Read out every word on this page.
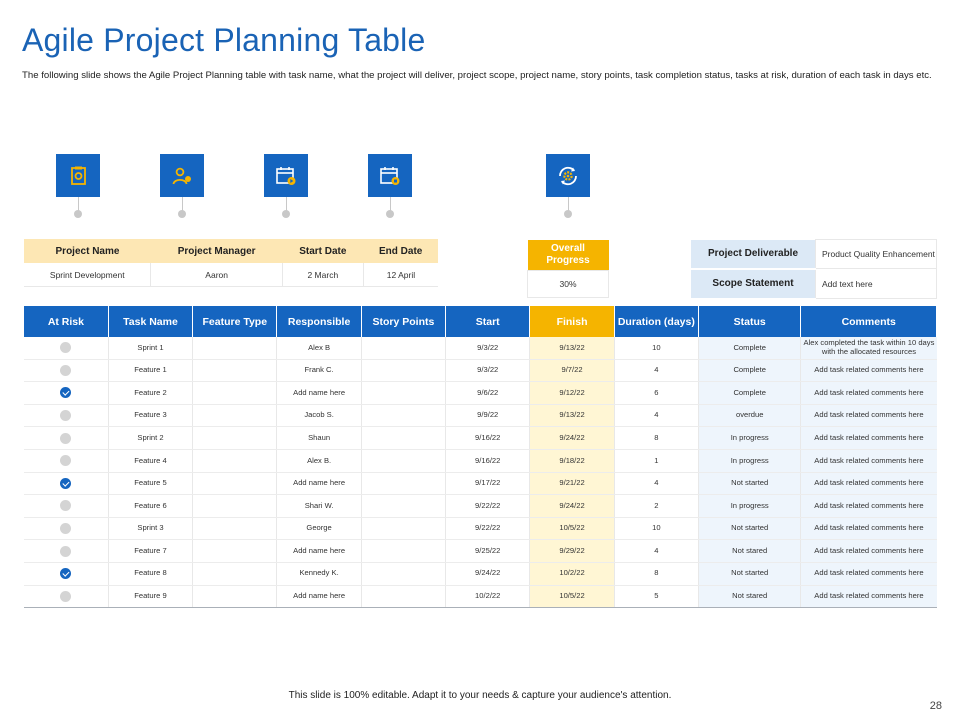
Agile Project Planning Table
The following slide shows the Agile Project Planning table with task name, what the project will deliver, project scope, project name, story points, task completion status, tasks at risk, duration of each task in days etc.
Project Name	Project Manager	Start Date	End Date
Sprint Development	Aaron	2 March	12 April
Overall Progress
30%
Project Deliverable	Product Quality Enhancement
Scope Statement	Add text here
At Risk	Task Name	Feature Type	Responsible	Story Points	Start	Finish	Duration (days)	Status	Comments
	Sprint 1		Alex B		9/3/22	9/13/22	10	Complete	Alex completed the task within 10 days with the allocated resources
	Feature 1		Frank C.		9/3/22	9/7/22	4	Complete	Add task related comments here
	Feature 2		Add name here		9/6/22	9/12/22	6	Complete	Add task related comments here
	Feature 3		Jacob S.		9/9/22	9/13/22	4	overdue	Add task related comments here
	Sprint 2		Shaun		9/16/22	9/24/22	8	In progress	Add task related comments here
	Feature 4		Alex B.		9/16/22	9/18/22	1	In progress	Add task related comments here
	Feature 5		Add name here		9/17/22	9/21/22	4	Not started	Add task related comments here
	Feature 6		Shari W.		9/22/22	9/24/22	2	In progress	Add task related comments here
	Sprint 3		George		9/22/22	10/5/22	10	Not started	Add task related comments here
	Feature 7		Add name here		9/25/22	9/29/22	4	Not stared	Add task related comments here
	Feature 8		Kennedy K.		9/24/22	10/2/22	8	Not started	Add task related comments here
	Feature 9		Add name here		10/2/22	10/5/22	5	Not stared	Add task related comments here
This slide is 100% editable. Adapt it to your needs & capture your audience's attention.
28
